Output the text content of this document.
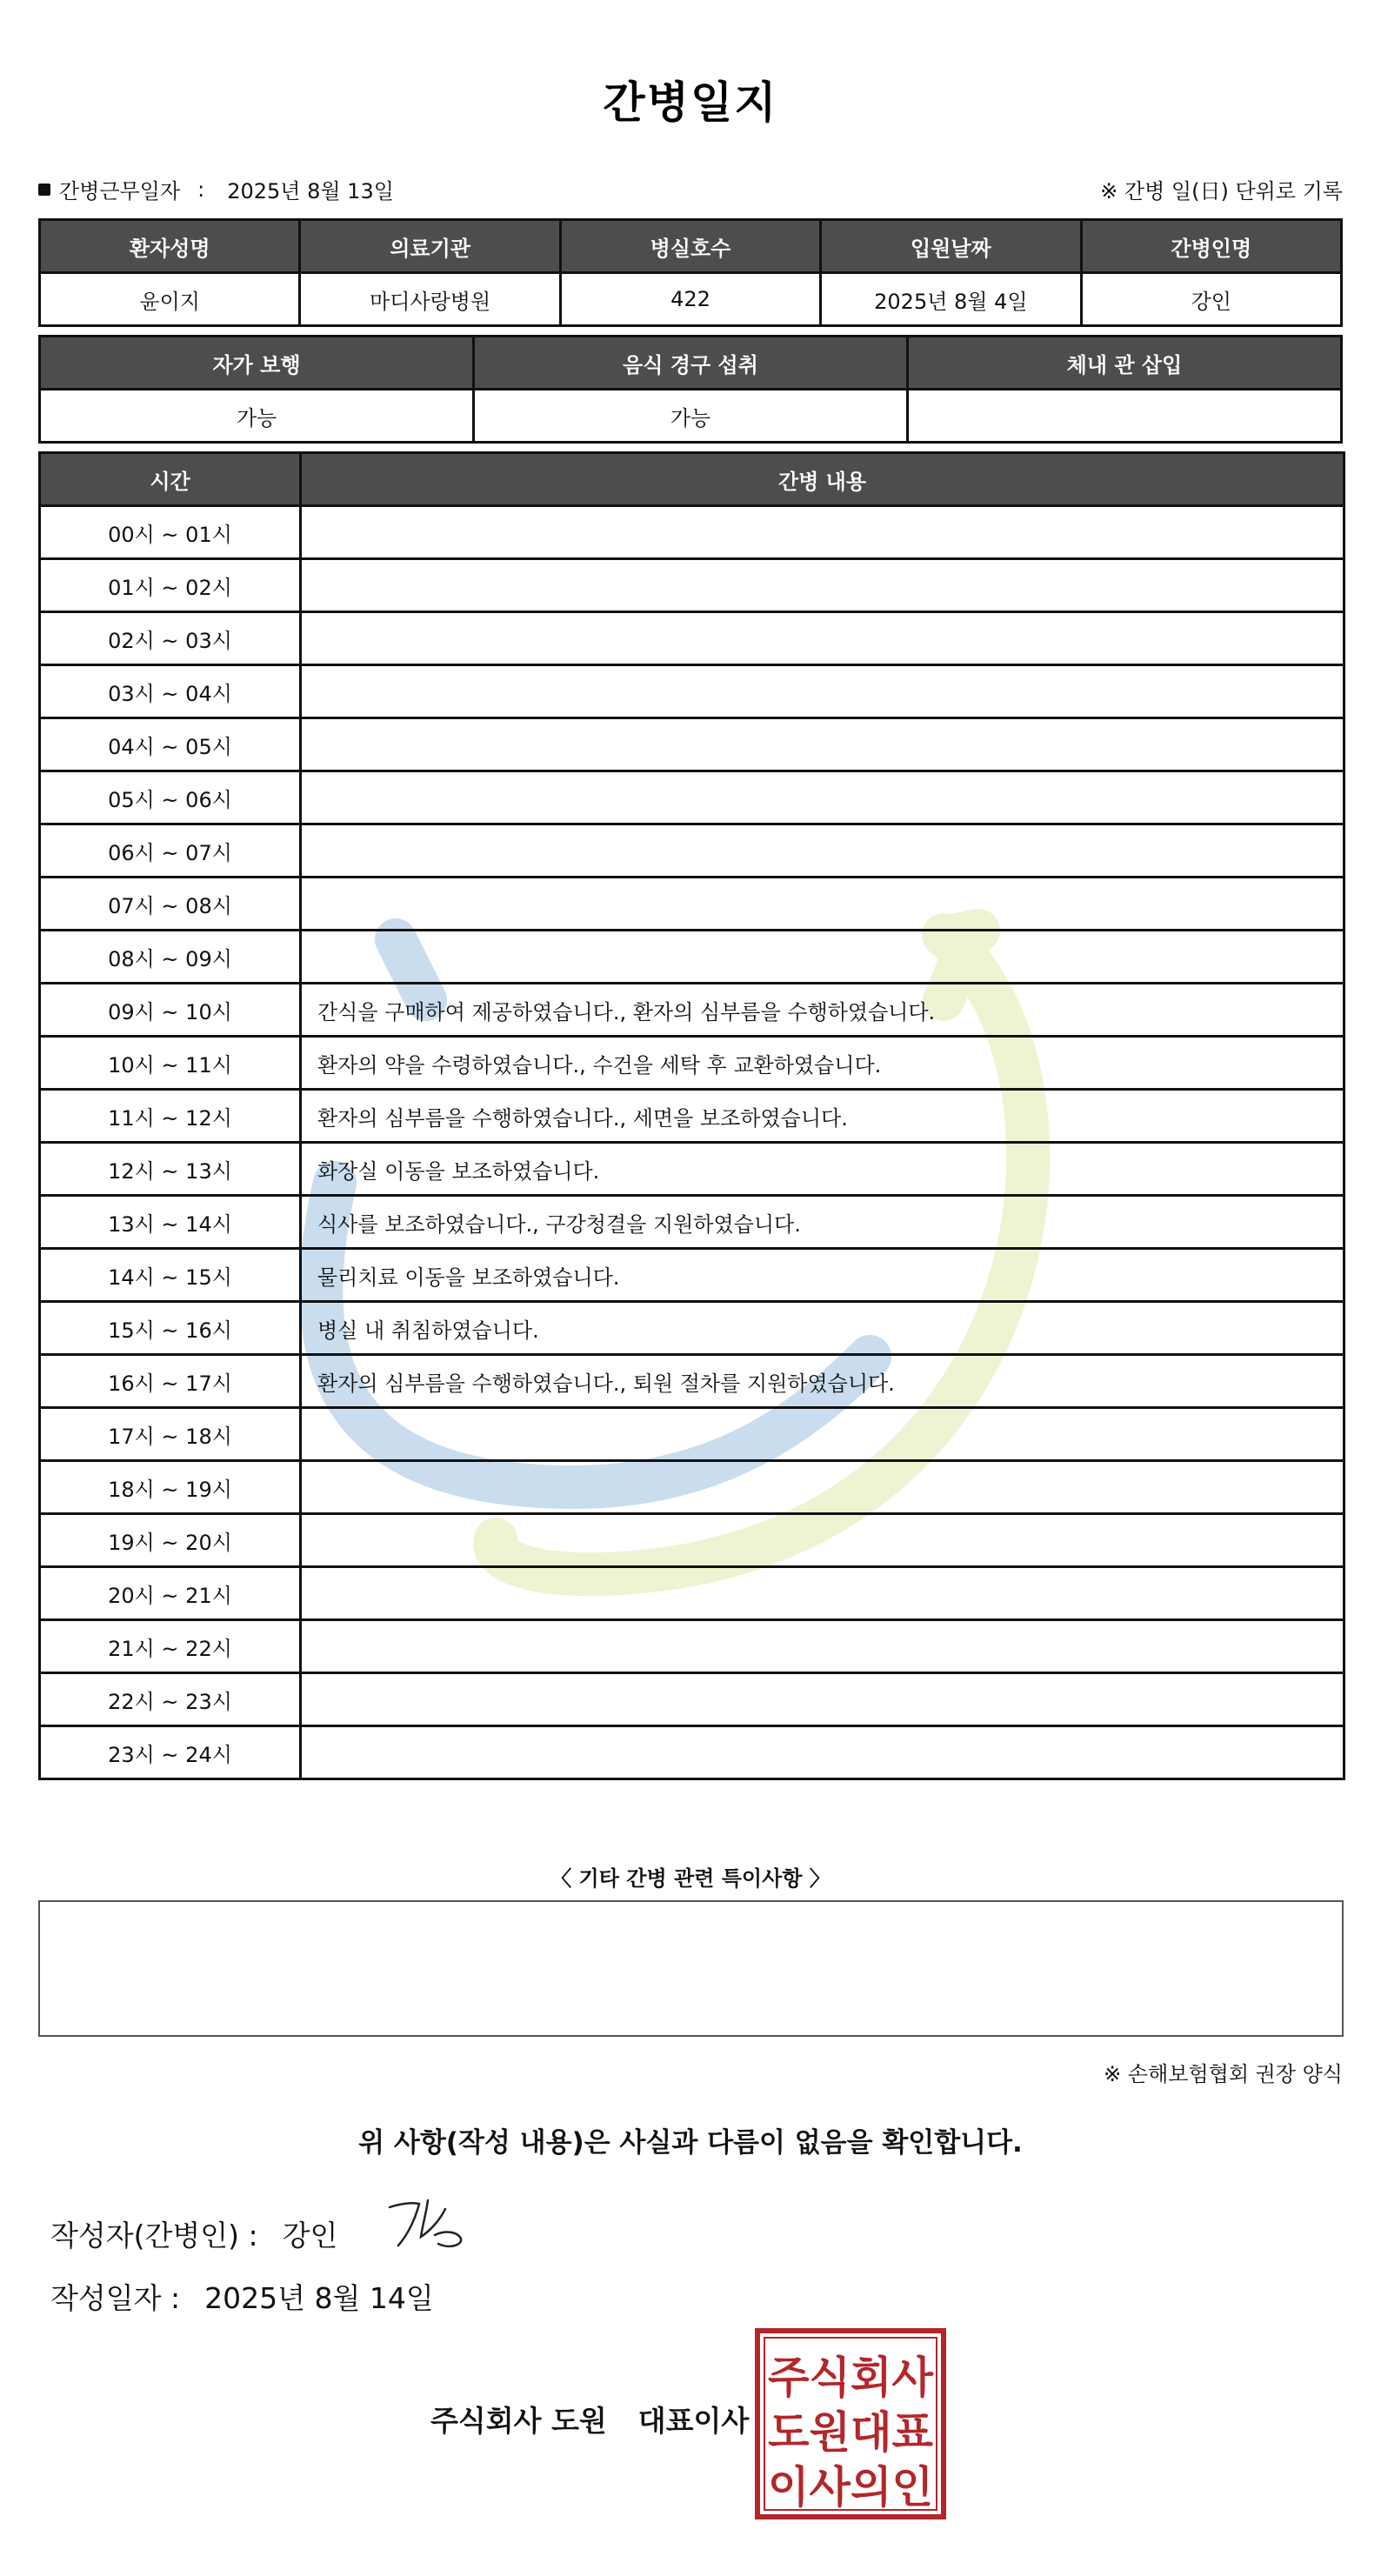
간병일지
간병근무일자 : 2025년 8월 13일	※ 간병 일(日) 단위로 기록
환자성명	의료기관	병실호수	입원날짜	간병인명
윤이지	마디사랑병원	422	2025년 8월 4일	강인
자가 보행	음식 경구 섭취	체내 관 삽입
가능	가능	
시간	간병 내용
00시 ~ 01시	
01시 ~ 02시	
02시 ~ 03시	
03시 ~ 04시	
04시 ~ 05시	
05시 ~ 06시	
06시 ~ 07시	
07시 ~ 08시	
08시 ~ 09시	
09시 ~ 10시	간식을 구매하여 제공하였습니다., 환자의 심부름을 수행하였습니다.
10시 ~ 11시	환자의 약을 수령하였습니다., 수건을 세탁 후 교환하였습니다.
11시 ~ 12시	환자의 심부름을 수행하였습니다., 세면을 보조하였습니다.
12시 ~ 13시	화장실 이동을 보조하였습니다.
13시 ~ 14시	식사를 보조하였습니다., 구강청결을 지원하였습니다.
14시 ~ 15시	물리치료 이동을 보조하였습니다.
15시 ~ 16시	병실 내 취침하였습니다.
16시 ~ 17시	환자의 심부름을 수행하였습니다., 퇴원 절차를 지원하였습니다.
17시 ~ 18시	
18시 ~ 19시	
19시 ~ 20시	
20시 ~ 21시	
21시 ~ 22시	
22시 ~ 23시	
23시 ~ 24시	
〈 기타 간병 관련 특이사항 〉
※ 손해보험협회 권장 양식
위 사항(작성 내용)은 사실과 다름이 없음을 확인합니다.
작성자(간병인) : 강인
작성일자 : 2025년 8월 14일
주식회사 도원 대표이사
주식회사
도원대표
이사의인
